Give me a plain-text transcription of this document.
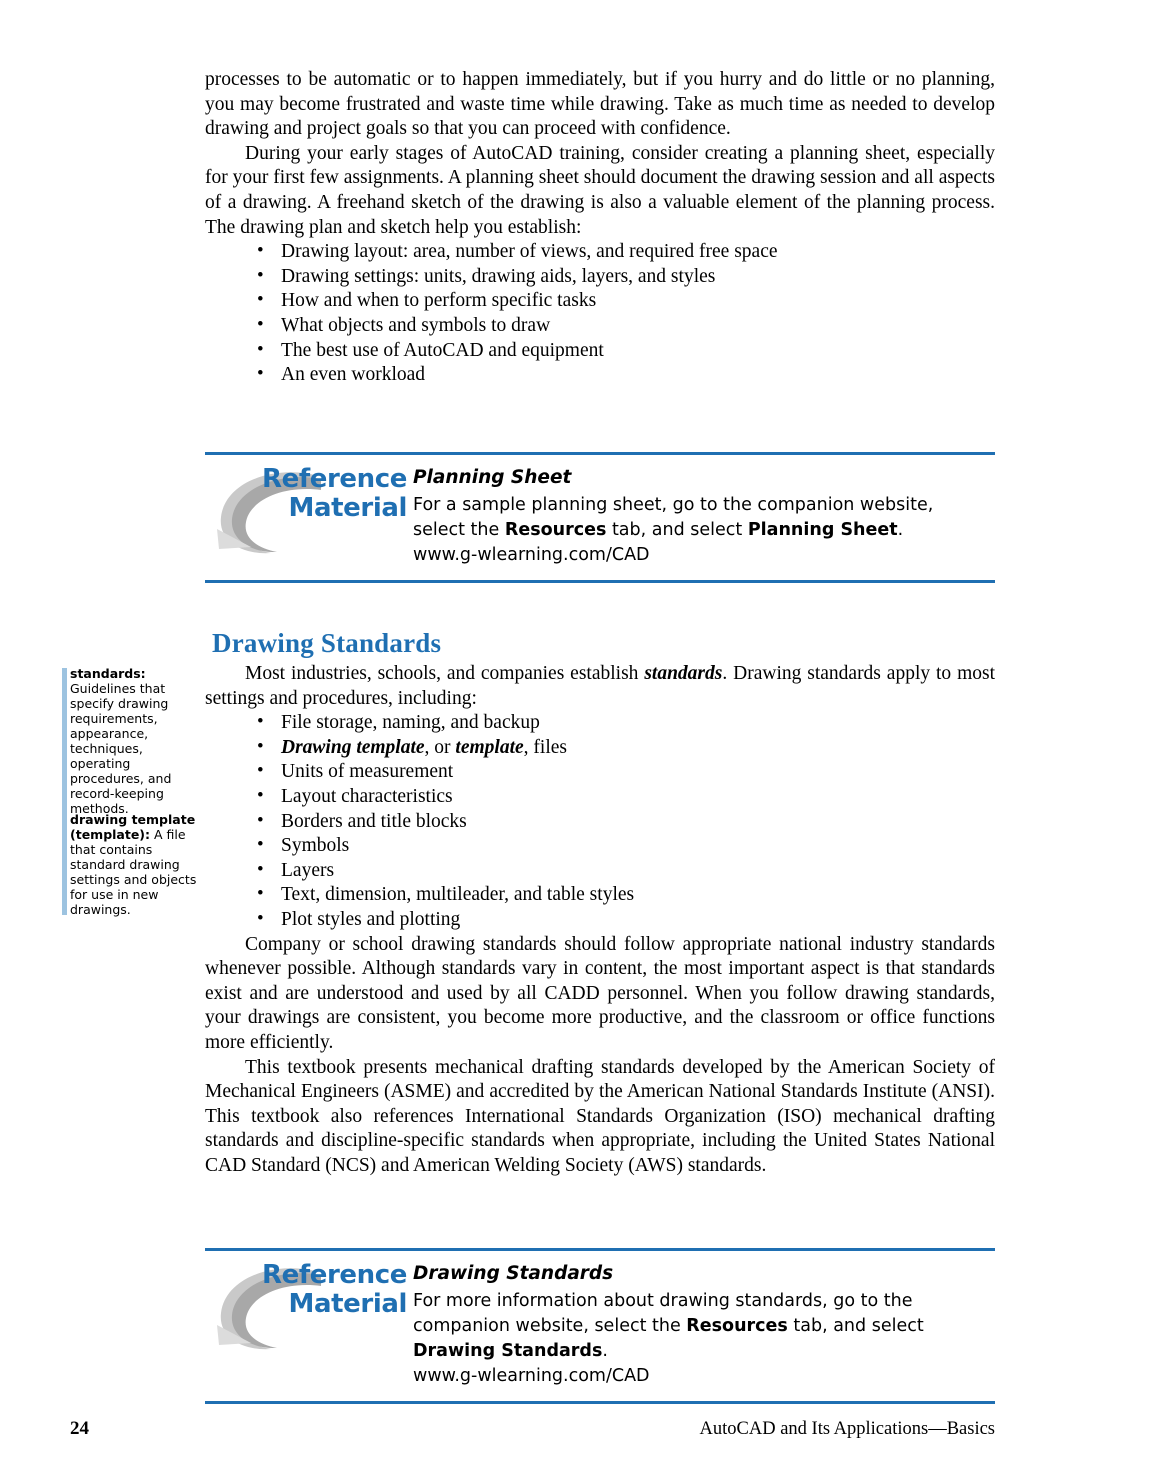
processes to be automatic or to happen immediately, but if you hurry and do little or no planning, you may become frustrated and waste time while drawing. Take as much time as needed to develop drawing and project goals so that you can proceed with confidence.

During your early stages of AutoCAD training, consider creating a planning sheet, especially for your first few assignments. A planning sheet should document the drawing session and all aspects of a drawing. A freehand sketch of the drawing is also a valuable element of the planning process. The drawing plan and sketch help you establish:

• Drawing layout: area, number of views, and required free space
• Drawing settings: units, drawing aids, layers, and styles
• How and when to perform specific tasks
• What objects and symbols to draw
• The best use of AutoCAD and equipment
• An even workload
Reference
Material
Planning Sheet
For a sample planning sheet, go to the companion website,
select the Resources tab, and select Planning Sheet.
www.g-wlearning.com/CAD
Drawing Standards
standards: Guidelines that specify drawing requirements, appearance, techniques, operating procedures, and record-keeping methods.
drawing template (template): A file that contains standard drawing settings and objects for use in new drawings.

Most industries, schools, and companies establish standards. Drawing standards apply to most settings and procedures, including:

• File storage, naming, and backup
• Drawing template, or template, files
• Units of measurement
• Layout characteristics
• Borders and title blocks
• Symbols
• Layers
• Text, dimension, multileader, and table styles
• Plot styles and plotting

Company or school drawing standards should follow appropriate national industry standards whenever possible. Although standards vary in content, the most important aspect is that standards exist and are understood and used by all CADD personnel. When you follow drawing standards, your drawings are consistent, you become more productive, and the classroom or office functions more efficiently.

This textbook presents mechanical drafting standards developed by the American Society of Mechanical Engineers (ASME) and accredited by the American National Standards Institute (ANSI). This textbook also references International Standards Organization (ISO) mechanical drafting standards and discipline-specific standards when appropriate, including the United States National CAD Standard (NCS) and American Welding Society (AWS) standards.

Reference
Material
Drawing Standards
For more information about drawing standards, go to the
companion website, select the Resources tab, and select
Drawing Standards.
www.g-wlearning.com/CAD
24	AutoCAD and Its Applications—Basics
